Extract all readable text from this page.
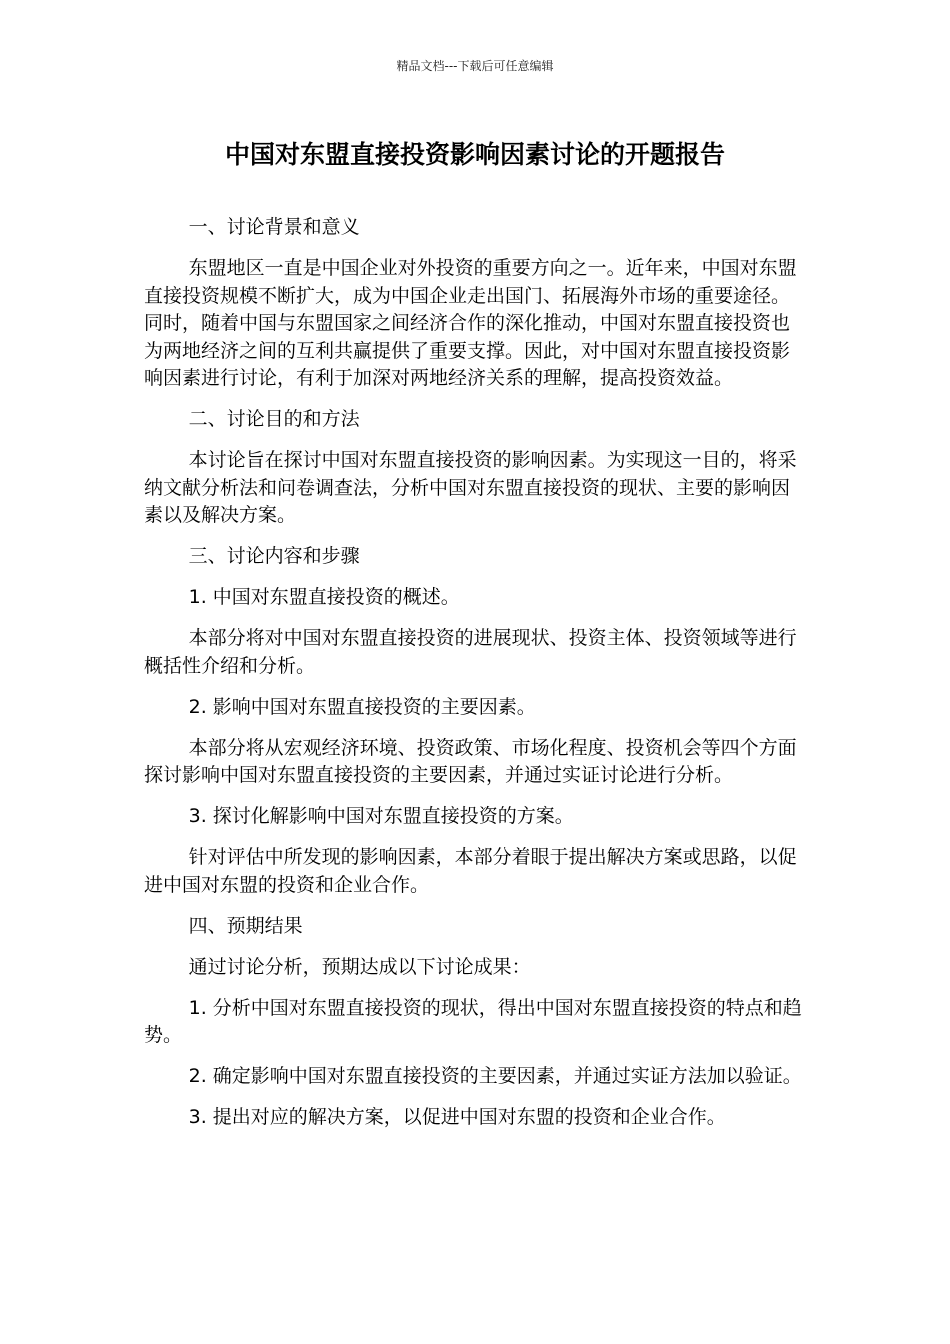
精品文档---下载后可任意编辑
中国对东盟直接投资影响因素讨论的开题报告

一、讨论背景和意义

东盟地区一直是中国企业对外投资的重要方向之一。近年来，中国对东盟直接投资规模不断扩大，成为中国企业走出国门、拓展海外市场的重要途径。同时，随着中国与东盟国家之间经济合作的深化推动，中国对东盟直接投资也为两地经济之间的互利共赢提供了重要支撑。因此，对中国对东盟直接投资影响因素进行讨论，有利于加深对两地经济关系的理解，提高投资效益。

二、讨论目的和方法

本讨论旨在探讨中国对东盟直接投资的影响因素。为实现这一目的，将采纳文献分析法和问卷调查法，分析中国对东盟直接投资的现状、主要的影响因素以及解决方案。

三、讨论内容和步骤

1. 中国对东盟直接投资的概述。

本部分将对中国对东盟直接投资的进展现状、投资主体、投资领域等进行概括性介绍和分析。

2. 影响中国对东盟直接投资的主要因素。

本部分将从宏观经济环境、投资政策、市场化程度、投资机会等四个方面探讨影响中国对东盟直接投资的主要因素，并通过实证讨论进行分析。

3. 探讨化解影响中国对东盟直接投资的方案。

针对评估中所发现的影响因素，本部分着眼于提出解决方案或思路，以促进中国对东盟的投资和企业合作。

四、预期结果

通过讨论分析，预期达成以下讨论成果：

1. 分析中国对东盟直接投资的现状，得出中国对东盟直接投资的特点和趋势。

2. 确定影响中国对东盟直接投资的主要因素，并通过实证方法加以验证。

3. 提出对应的解决方案，以促进中国对东盟的投资和企业合作。
